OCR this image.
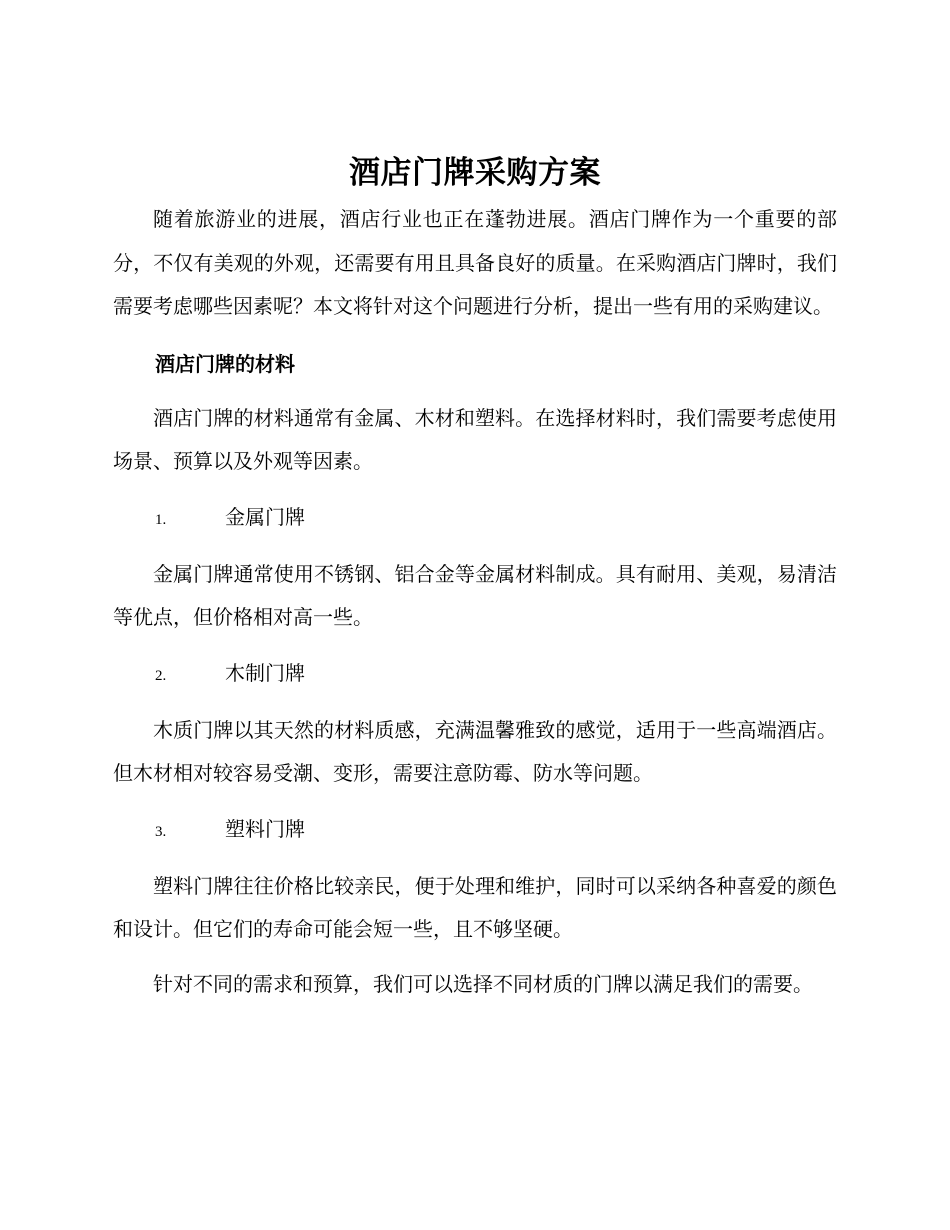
酒店门牌采购方案

随着旅游业的进展，酒店行业也正在蓬勃进展。酒店门牌作为一个重要的部分，不仅有美观的外观，还需要有用且具备良好的质量。在采购酒店门牌时，我们需要考虑哪些因素呢？本文将针对这个问题进行分析，提出一些有用的采购建议。

酒店门牌的材料

酒店门牌的材料通常有金属、木材和塑料。在选择材料时，我们需要考虑使用场景、预算以及外观等因素。

1.	金属门牌

金属门牌通常使用不锈钢、铝合金等金属材料制成。具有耐用、美观，易清洁等优点，但价格相对高一些。

2.	木制门牌

木质门牌以其天然的材料质感，充满温馨雅致的感觉，适用于一些高端酒店。但木材相对较容易受潮、变形，需要注意防霉、防水等问题。

3.	塑料门牌

塑料门牌往往价格比较亲民，便于处理和维护，同时可以采纳各种喜爱的颜色和设计。但它们的寿命可能会短一些，且不够坚硬。

针对不同的需求和预算，我们可以选择不同材质的门牌以满足我们的需要。
